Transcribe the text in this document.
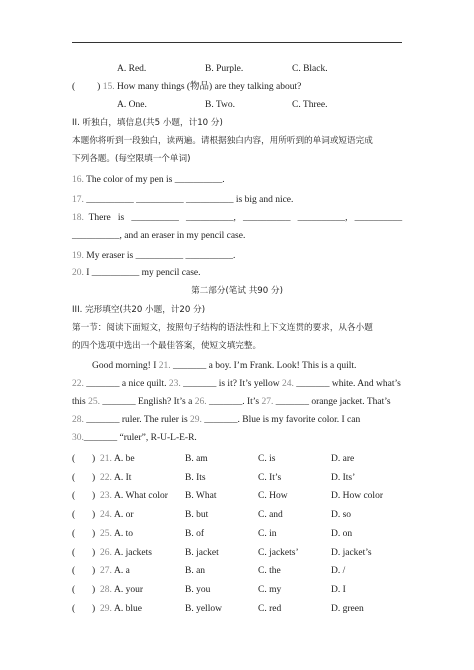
A. Red.	B. Purple.	C. Black.
( ) 15. How many things (物品) are they talking about?
A. One.	B. Two.	C. Three.
II. 听独白，填信息(共5 小题，计10 分)
本题你将听到一段独白，读两遍。请根据独白内容，用所听到的单词或短语完成
下列各题。(每空限填一个单词)
16. The color of my pen is __________.
17. __________ __________ __________ is big and nice.
18. There   is   __________   __________,   __________   __________,   __________
__________, and an eraser in my pencil case.
19. My eraser is __________ __________.
20. I __________ my pencil case.
第二部分(笔试 共90 分)
III. 完形填空(共20 小题，计20 分)
第一节：阅读下面短文，按照句子结构的语法性和上下文连贯的要求，从各小题
的四个选项中选出一个最佳答案，使短文填完整。
Good morning! I 21. _______ a boy. I’m Frank. Look! This is a quilt.
22. _______ a nice quilt. 23. _______ is it? It’s yellow 24. _______ white. And what’s
this 25. _______ English? It’s a 26. _______. It’s 27. _______ orange jacket. That’s
28. _______ ruler. The ruler is 29. _______. Blue is my favorite color. I can
30._______ “ruler”, R-U-L-E-R.
( ) 21. A. be	B. am	C. is	D. are
( ) 22. A. It	B. Its	C. It’s	D. Its’
( ) 23. A. What color B. What	C. How	D. How color
( ) 24. A. or	B. but	C. and	D. so
( ) 25. A. to	B. of	C. in	D. on
( ) 26. A. jackets	B. jacket	C. jackets’	D. jacket’s
( ) 27. A. a	B. an	C. the	D. /
( ) 28. A. your	B. you	C. my	D. I
( ) 29. A. blue	B. yellow	C. red	D. green
